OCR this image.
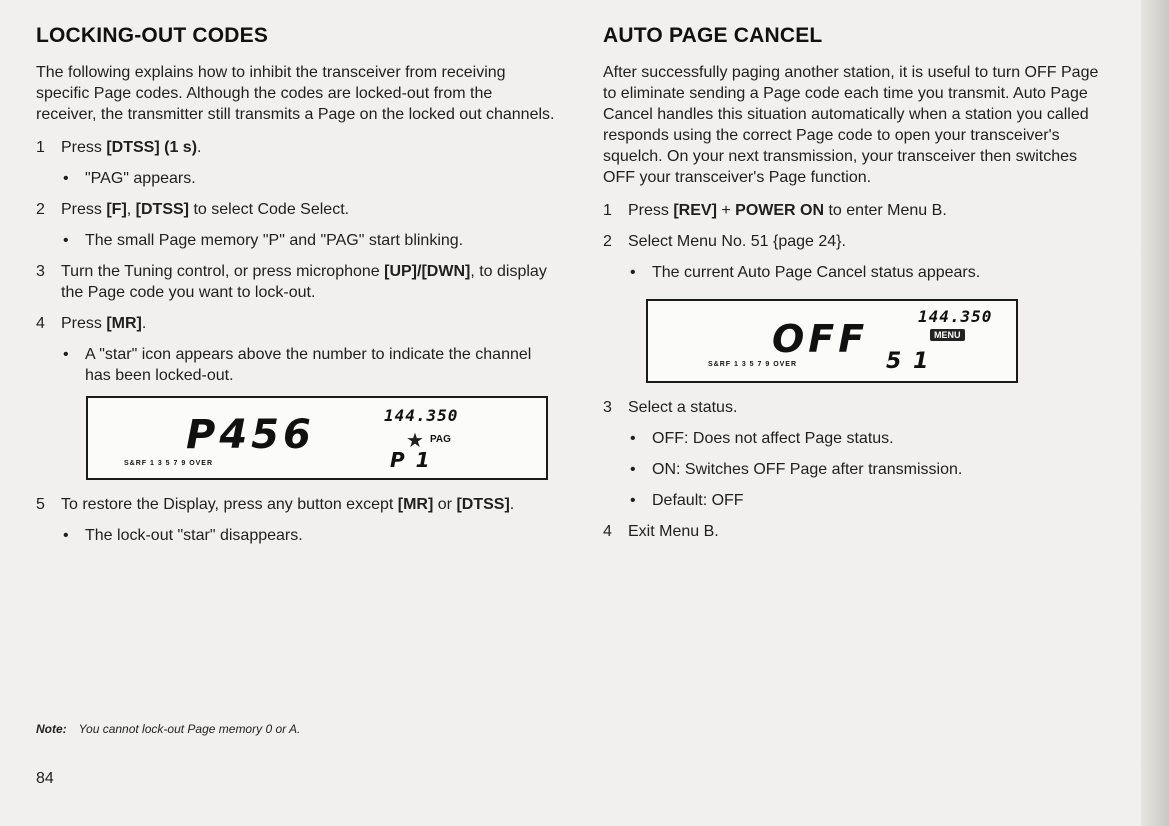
LOCKING-OUT CODES

The following explains how to inhibit the transceiver from receiving specific Page codes. Although the codes are locked-out from the receiver, the transmitter still transmits a Page on the locked out channels.

1	Press [DTSS] (1 s).
•	"PAG" appears.
2	Press [F], [DTSS] to select Code Select.
•	The small Page memory "P" and "PAG" start blinking.
3	Turn the Tuning control, or press microphone [UP]/[DWN], to display the Page code you want to lock-out.
4	Press [MR].
•	A "star" icon appears above the number to indicate the channel has been locked-out.
144.350
P456	★ PAG
P 1
S&RF 1 3 5 7 9 OVER
5	To restore the Display, press any button except [MR] or [DTSS].
•	The lock-out "star" disappears.
Note: You cannot lock-out Page memory 0 or A.
84
AUTO PAGE CANCEL

After successfully paging another station, it is useful to turn OFF Page to eliminate sending a Page code each time you transmit. Auto Page Cancel handles this situation automatically when a station you called responds using the correct Page code to open your transceiver's squelch. On your next transmission, your transceiver then switches OFF your transceiver's Page function.

1	Press [REV] + POWER ON to enter Menu B.
2	Select Menu No. 51 {page 24}.
•	The current Auto Page Cancel status appears.
144.350
MENU
OFF
5 1
S&RF 1 3 5 7 9 OVER
3	Select a status.
•	OFF: Does not affect Page status.
•	ON: Switches OFF Page after transmission.
•	Default: OFF
4	Exit Menu B.
